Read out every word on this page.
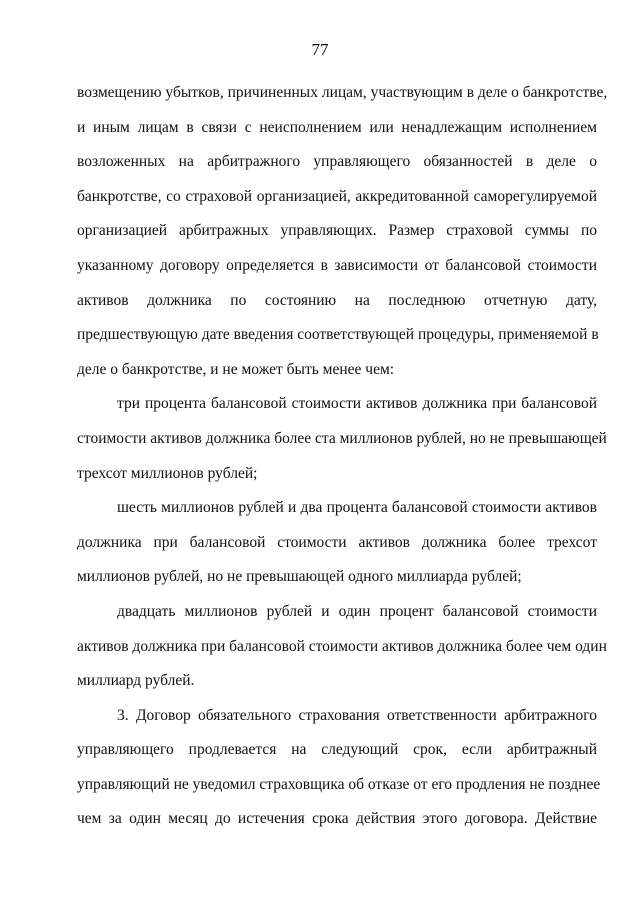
77
возмещению убытков, причиненных лицам, участвующим в деле о банкротстве,
и иным лицам в связи с неисполнением или ненадлежащим исполнением
возложенных на арбитражного управляющего обязанностей в деле о
банкротстве, со страховой организацией, аккредитованной саморегулируемой
организацией арбитражных управляющих. Размер страховой суммы по
указанному договору определяется в зависимости от балансовой стоимости
активов должника по состоянию на последнюю отчетную дату,
предшествующую дате введения соответствующей процедуры, применяемой в
деле о банкротстве, и не может быть менее чем:
три процента балансовой стоимости активов должника при балансовой
стоимости активов должника более ста миллионов рублей, но не превышающей
трехсот миллионов рублей;
шесть миллионов рублей и два процента балансовой стоимости активов
должника при балансовой стоимости активов должника более трехсот
миллионов рублей, но не превышающей одного миллиарда рублей;
двадцать миллионов рублей и один процент балансовой стоимости
активов должника при балансовой стоимости активов должника более чем один
миллиард рублей.
3. Договор обязательного страхования ответственности арбитражного
управляющего продлевается на следующий срок, если арбитражный
управляющий не уведомил страховщика об отказе от его продления не позднее
чем за один месяц до истечения срока действия этого договора. Действие
